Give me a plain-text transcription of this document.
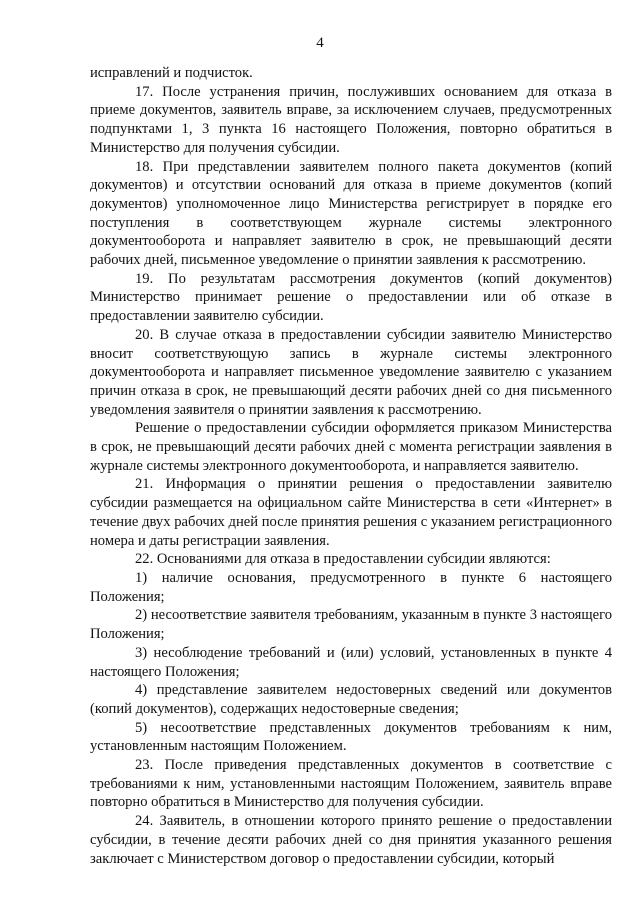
4

исправлений и подчисток.

17. После устранения причин, послуживших основанием для отказа в приеме документов, заявитель вправе, за исключением случаев, предусмотренных подпунктами 1, 3 пункта 16 настоящего Положения, повторно обратиться в Министерство для получения субсидии.

18. При представлении заявителем полного пакета документов (копий документов) и отсутствии оснований для отказа в приеме документов (копий документов) уполномоченное лицо Министерства регистрирует в порядке его поступления в соответствующем журнале системы электронного документооборота и направляет заявителю в срок, не превышающий десяти рабочих дней, письменное уведомление о принятии заявления к рассмотрению.

19. По результатам рассмотрения документов (копий документов) Министерство принимает решение о предоставлении или об отказе в предоставлении заявителю субсидии.

20. В случае отказа в предоставлении субсидии заявителю Министерство вносит соответствующую запись в журнале системы электронного документооборота и направляет письменное уведомление заявителю с указанием причин отказа в срок, не превышающий десяти рабочих дней со дня письменного уведомления заявителя о принятии заявления к рассмотрению.

Решение о предоставлении субсидии оформляется приказом Министерства в срок, не превышающий десяти рабочих дней с момента регистрации заявления в журнале системы электронного документооборота, и направляется заявителю.

21. Информация о принятии решения о предоставлении заявителю субсидии размещается на официальном сайте Министерства в сети «Интернет» в течение двух рабочих дней после принятия решения с указанием регистрационного номера и даты регистрации заявления.

22. Основаниями для отказа в предоставлении субсидии являются:

1) наличие основания, предусмотренного в пункте 6 настоящего Положения;

2) несоответствие заявителя требованиям, указанным в пункте 3 настоящего Положения;

3) несоблюдение требований и (или) условий, установленных в пункте 4 настоящего Положения;

4) представление заявителем недостоверных сведений или документов (копий документов), содержащих недостоверные сведения;

5) несоответствие представленных документов требованиям к ним, установленным настоящим Положением.

23. После приведения представленных документов в соответствие с требованиями к ним, установленными настоящим Положением, заявитель вправе повторно обратиться в Министерство для получения субсидии.

24. Заявитель, в отношении которого принято решение о предоставлении субсидии, в течение десяти рабочих дней со дня принятия указанного решения заключает с Министерством договор о предоставлении субсидии, который
